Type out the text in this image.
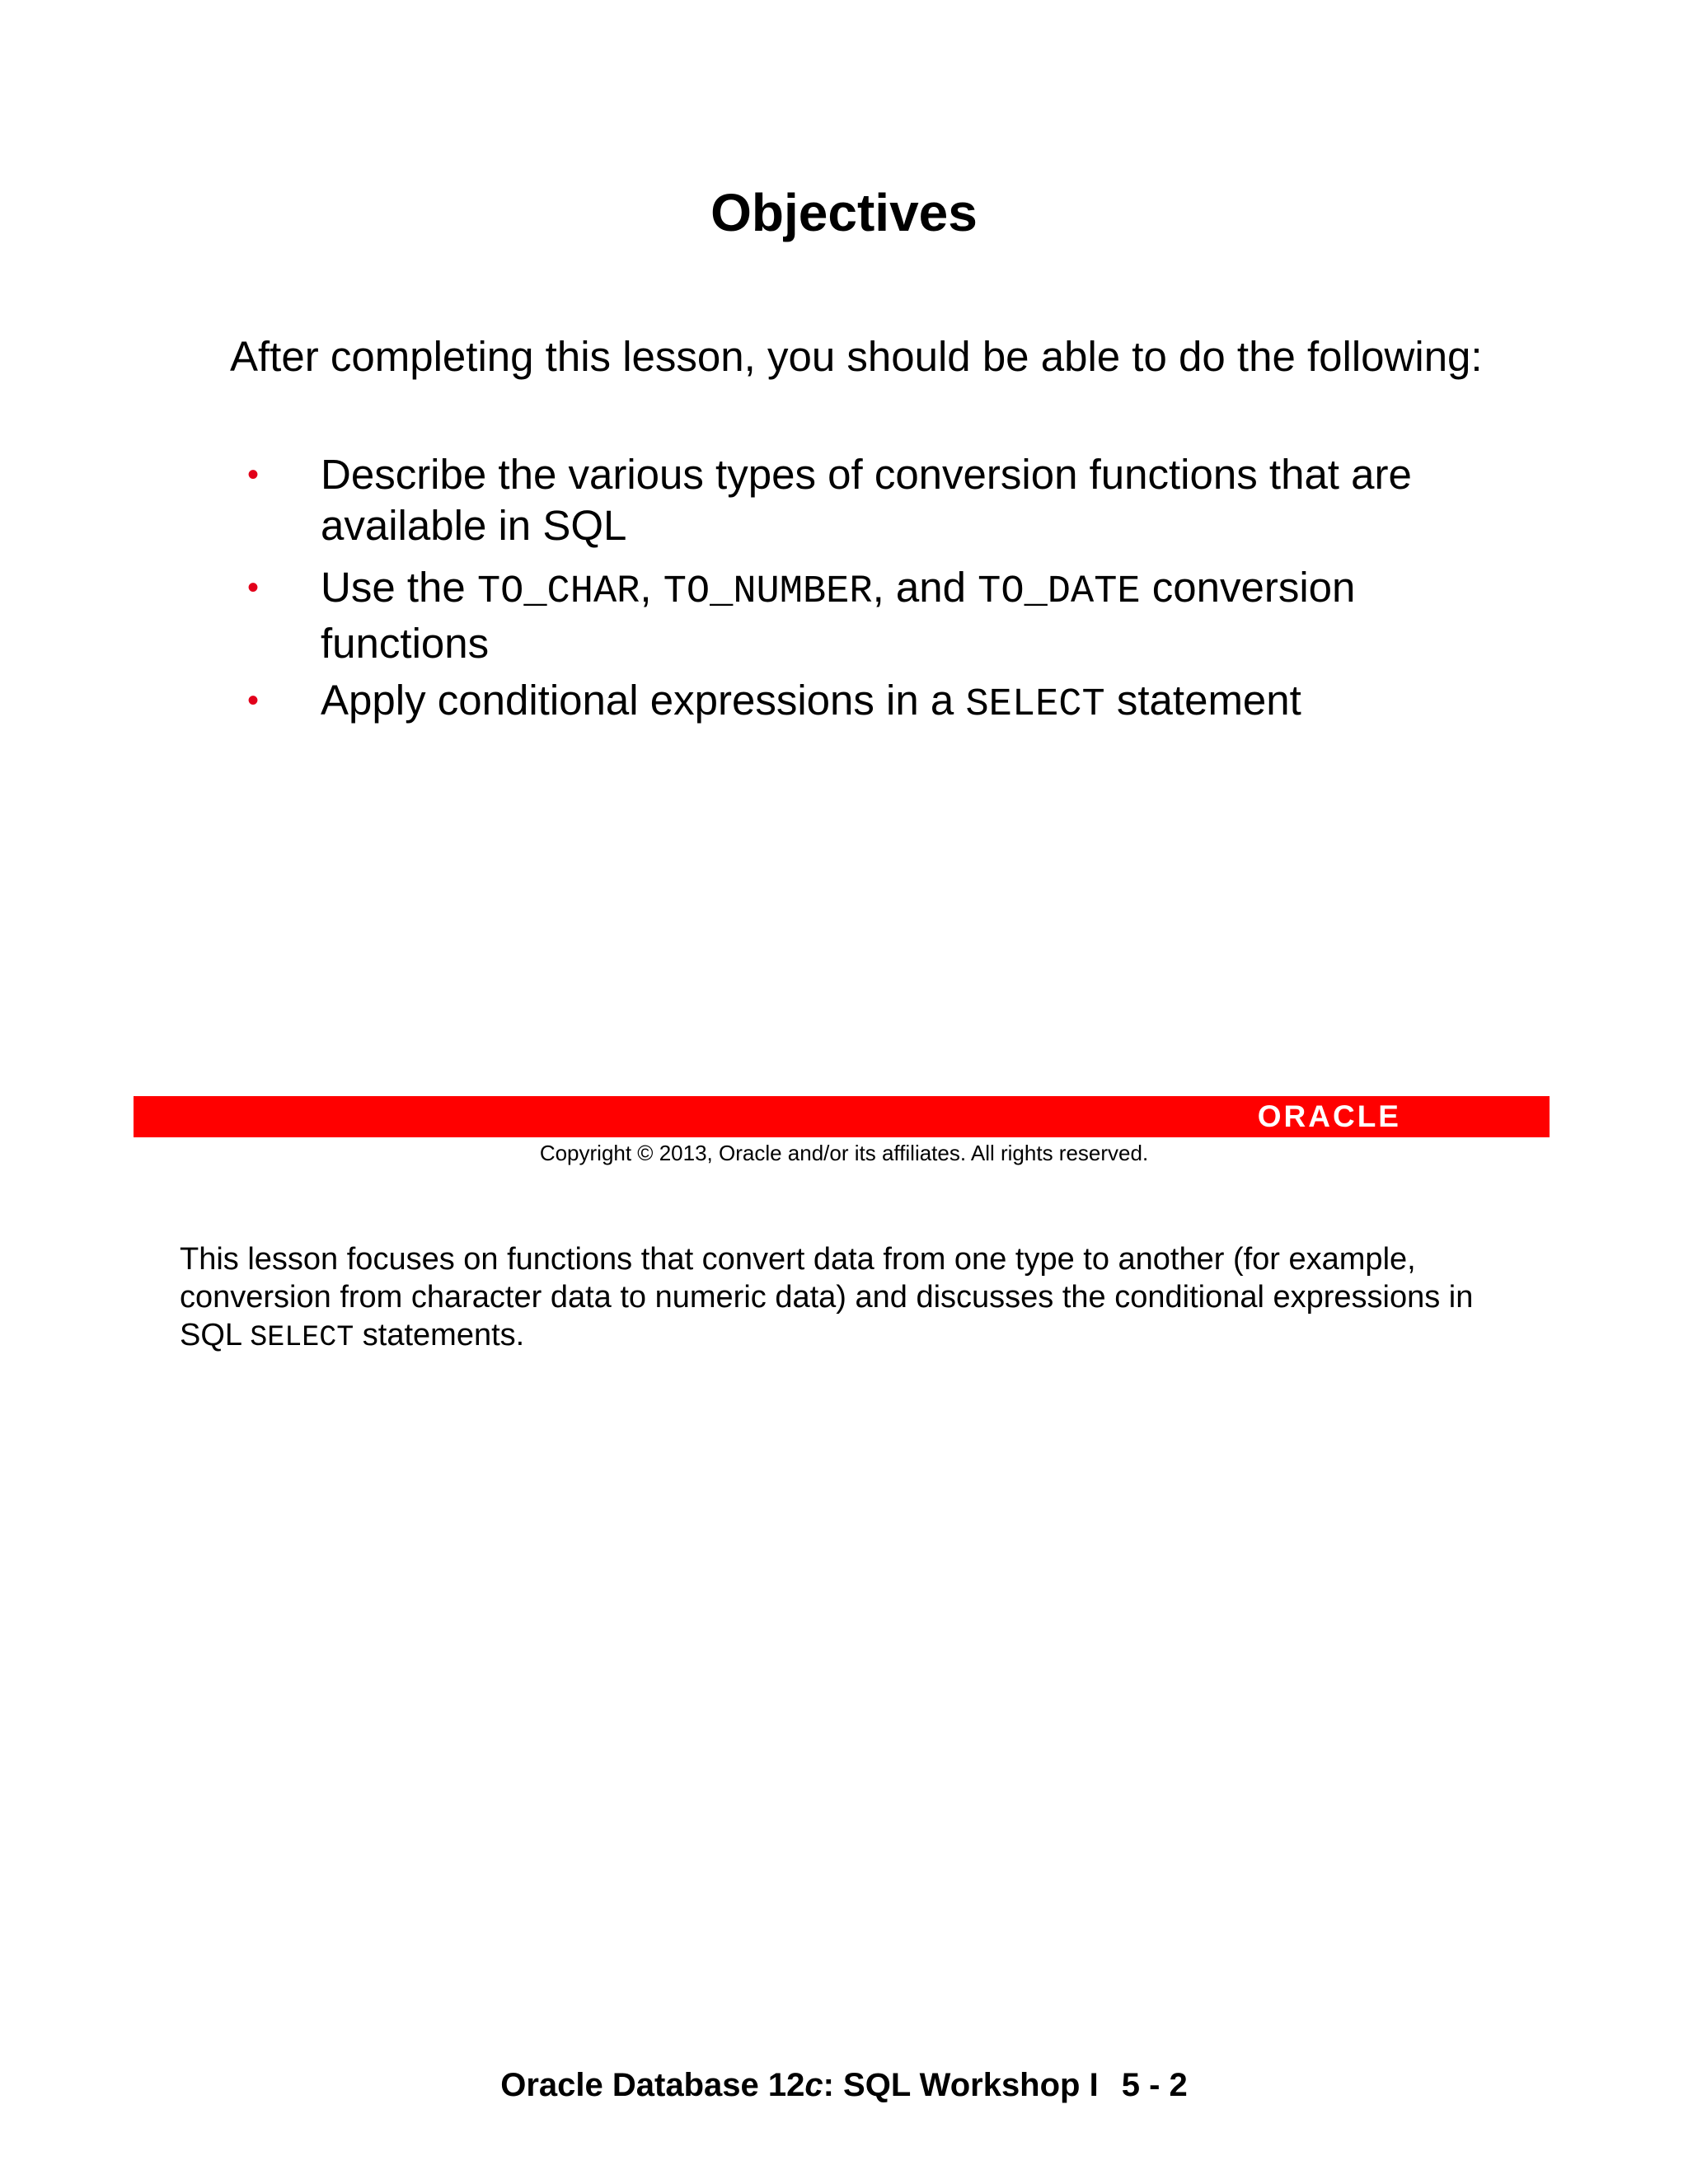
Objectives

After completing this lesson, you should be able to do the following:

• Describe the various types of conversion functions that are
available in SQL
• Use the TO_CHAR, TO_NUMBER, and TO_DATE conversion
functions
• Apply conditional expressions in a SELECT statement
ORACLE
Copyright © 2013, Oracle and/or its affiliates. All rights reserved.

This lesson focuses on functions that convert data from one type to another (for example, conversion from character data to numeric data) and discusses the conditional expressions in SQL SELECT statements.

Oracle Database 12c: SQL Workshop I 5 - 2
